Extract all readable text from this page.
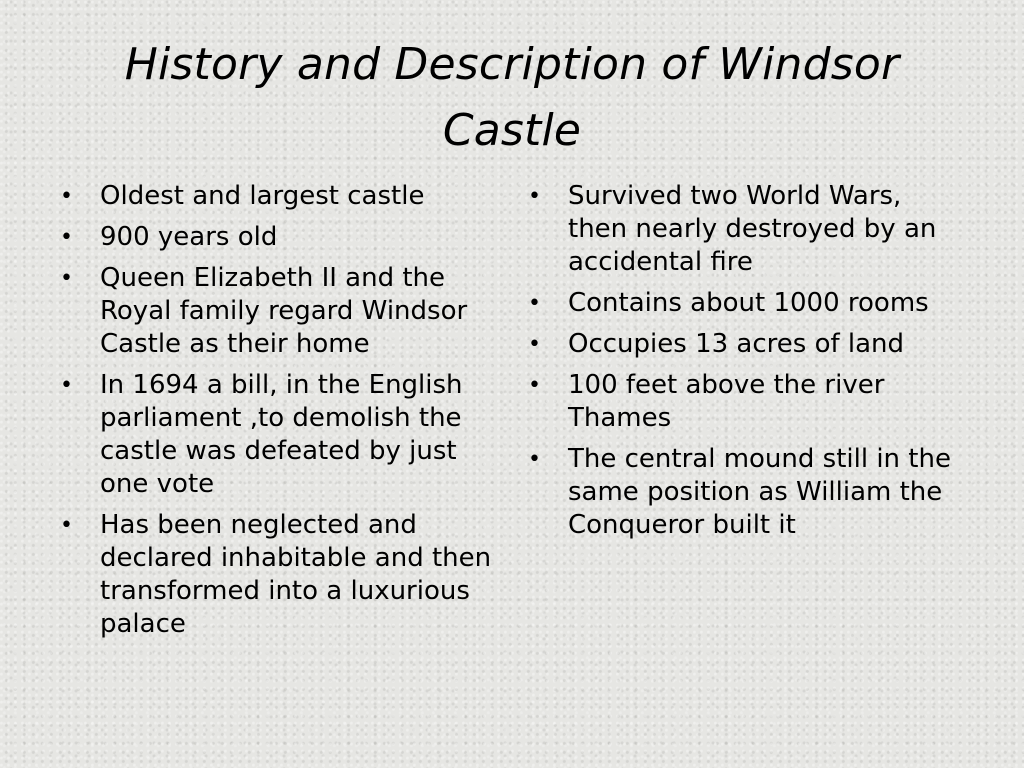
History and Description of Windsor Castle
• Oldest and largest castle
• 900 years old
• Queen Elizabeth II and the Royal family regard Windsor Castle as their home
• In 1694 a bill, in the English parliament ,to demolish the castle was defeated by just one vote
• Has been neglected and declared inhabitable and then transformed into a luxurious palace
• Survived two World Wars, then nearly destroyed by an accidental fire
• Contains about 1000 rooms
• Occupies 13 acres of land
• 100 feet above the river Thames
• The central mound still in the same position as William the Conqueror built it
